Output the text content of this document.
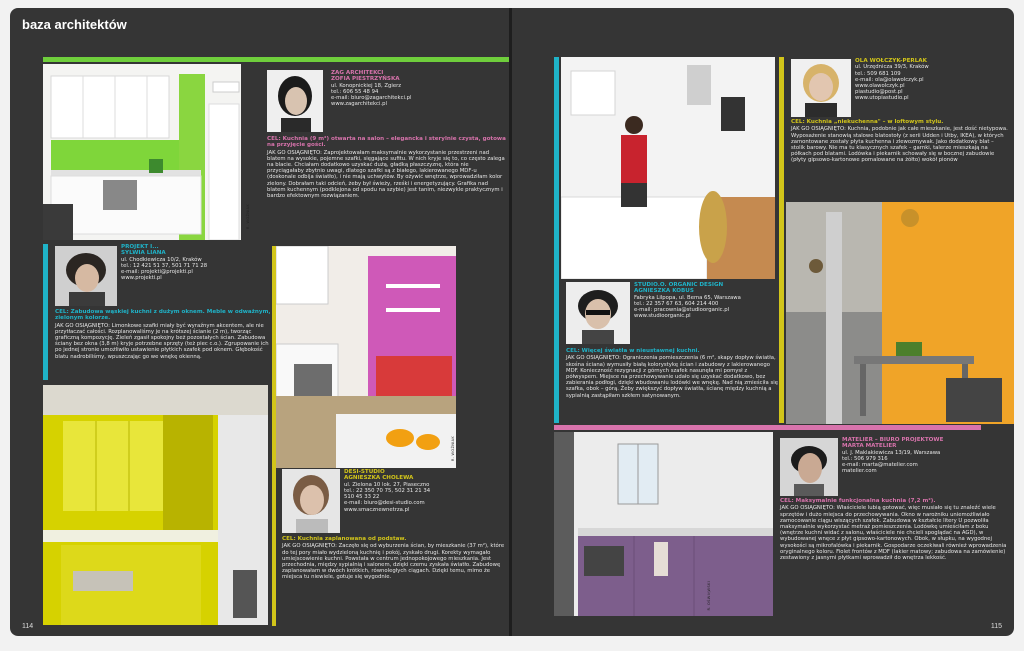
baza architektów
R. WOŹNIAK
ZAG ARCHITEKCI
ZOFIA PIESTRZYŃSKA
ul. Konopnickiej 18, Zgierz
tel.: 606 55 48 94
e-mail: biuro@zagarchitekci.pl
www.zagarchitekci.pl
CEL: Kuchnia (9 m²) otwarta na salon – elegancka i sterylnie czysta, gotowa na przyjęcie gości.
JAK GO OSIĄGNIĘTO: Zaprojektowałam maksymalnie wykorzystanie przestrzeni nad blatem na wysokie, pojemne szafki, sięgające sufitu. W nich kryje się to, co często zalega na blacie. Chciałam dodatkowo uzyskać dużą, gładką płaszczyznę, która nie przyciągałaby zbytnio uwagi, dlatego szafki są z białego, lakierowanego MDF-u (doskonale odbija światło), i nie mają uchwytów. By ożywić wnętrze, wprowadziłam kolor zielony. Dobrałam taki odcień, żeby był świeży, rześki i energetyzujący. Grafika nad blatem kuchennym (podklejona od spodu na szybie) jest tanim, niezwykle praktycznym i bardzo efektownym rozwiązaniem.
PROJEKT I...
SYLWIA LIANA
ul. Chodkiewicza 10/2, Kraków
tel.: 12 421 51 37, 501 71 71 28
e-mail: projekti@projekti.pl
www.projekti.pl
CEL: Zabudowa wąskiej kuchni z dużym oknem. Meble w odważnym, zielonym kolorze.
JAK GO OSIĄGNIĘTO: Limonkowe szafki miały być wyraźnym akcentem, ale nie przytłaczać całości. Rozplanowaliśmy je na krótszej ścianie (2 m), tworząc graficzną kompozycję. Zieleń zgasił spokojny beż pozostałych ścian. Zabudowa ściany bez okna (3,8 m) kryje potrzebne sprzęty (też piec c.o.). Zgrupowanie ich po jednej stronie umożliwiło ustawienie płytkich szafek pod oknem. Głębokość blatu nadrobiliśmy, wpuszczając go we wnękę okienną.
R. WOŹNIAK
DESI-STUDIO
AGNIESZKA CHOLEWA
ul. Zielona 10 lok. 27, Piaseczno
tel.: 22 350 70 75, 502 31 21 34
510 45 33 22
e-mail: biuro@desi-studio.com
www.smacznewnetrza.pl
CEL: Kuchnia zaplanowana od podstaw.
JAK GO OSIĄGNIĘTO: Zaczęło się od wyburzenia ścian, by mieszkanie (37 m²), które do tej pory miało wydzieloną kuchnię i pokój, zyskało drugi. Korekty wymagało umiejscowienie kuchni. Powstała w centrum jednopokojowego mieszkania. Jest przechodnia, między sypialnią i salonem, dzięki czemu zyskała światło. Zabudowę zaplanowałam w dwóch krótkich, równoległych ciągach. Dzięki temu, mimo że miejsca tu niewiele, gotuje się wygodnie.
114
STUDIO.O. ORGANIC DESIGN
AGNIESZKA KOBUS
Fabryka Lilpopa, ul. Bema 65, Warszawa
tel.: 22 357 67 63, 604 214 400
e-mail: pracownia@studioorganic.pl
www.studioorganic.pl
CEL: Więcej światła w nieustawnej kuchni.
JAK GO OSIĄGNIĘTO: Ograniczenia pomieszczenia (6 m², skapy dopływ światła, skośna ściana) wymusiły białą kolorystykę ścian i zabudowy z lakierowanego MDF. Konieczność rezygnacji z górnych szafek nasunęła mi pomysł z półwyspem. Miejsce na przechowywanie udało się uzyskać dodatkowo, bez zabierania podłogi, dzięki wbudowaniu lodówki we wnękę. Nad nią zmieściła się szafka, obok – górą. Żeby zwiększyć dopływ światła, ścianę między kuchnią a sypialnią zastąpiłam szkłem satynowanym.
OLA WOŁCZYK-PERLAK
ul. Urzędnicza 39/3, Kraków
tel.: 509 681 109
e-mail: ola@olawolczyk.pl
www.olawolczyk.pl
piastudio@post.pl
www.utopiastudio.pl
CEL: Kuchnia „niekuchenna" – w loftowym stylu.
JAK GO OSIĄGNIĘTO: Kuchnia, podobnie jak całe mieszkanie, jest dość nietypowa. Wyposażenie stanowią stalowe blatostoły (z serii Udden i Utby, IKEA), w których zamontowane zostały płyta kuchenna i zlewozmywak. Jako dodatkowy blat – stolik barowy. Nie ma tu klasycznych szafek – garnki, talerze mieszkają na półkach pod blatami. Lodówka i piekarnik schowały się w bocznej zabudowie (płyty gipsowo-kartonowe pomalowane na żółto) wokół pionów
R. OŚWIĄWSKI
MATELIER – BIURO PROJEKTOWE
MARTA MATELIER
ul. J. Maklakiewicza 13/19, Warszawa
tel.: 506 979 316
e-mail: marta@matelier.com
matelier.com
CEL: Maksymalnie funkcjonalna kuchnia (7,2 m²).
JAK GO OSIĄGNIĘTO: Właściciele lubią gotować, więc musiało się tu znaleźć wiele sprzętów i dużo miejsca do przechowywania. Okno w narożniku uniemożliwiało zamocowanie ciągu wiszących szafek. Zabudowa w kształcie litery U pozwoliła maksymalnie wykorzystać metraż pomieszczenia. Lodówkę umieściłam z boku (wnętrze kuchni widać z salonu, właściciele nie chcieli spoglądać na AGD), w wybudowanej wnęce z płyt gipsowo-kartonowych. Obok, w słupku, na wygodnej wysokości są mikrofalówka i piekarnik. Gospodarze oczekiwali również wprowadzenia oryginalnego koloru. Fiolet frontów z MDF (lakier matowy; zabudowa na zamówienie) zestawiony z jasnymi płytkami wprowadził do wnętrza lekkość.
115
